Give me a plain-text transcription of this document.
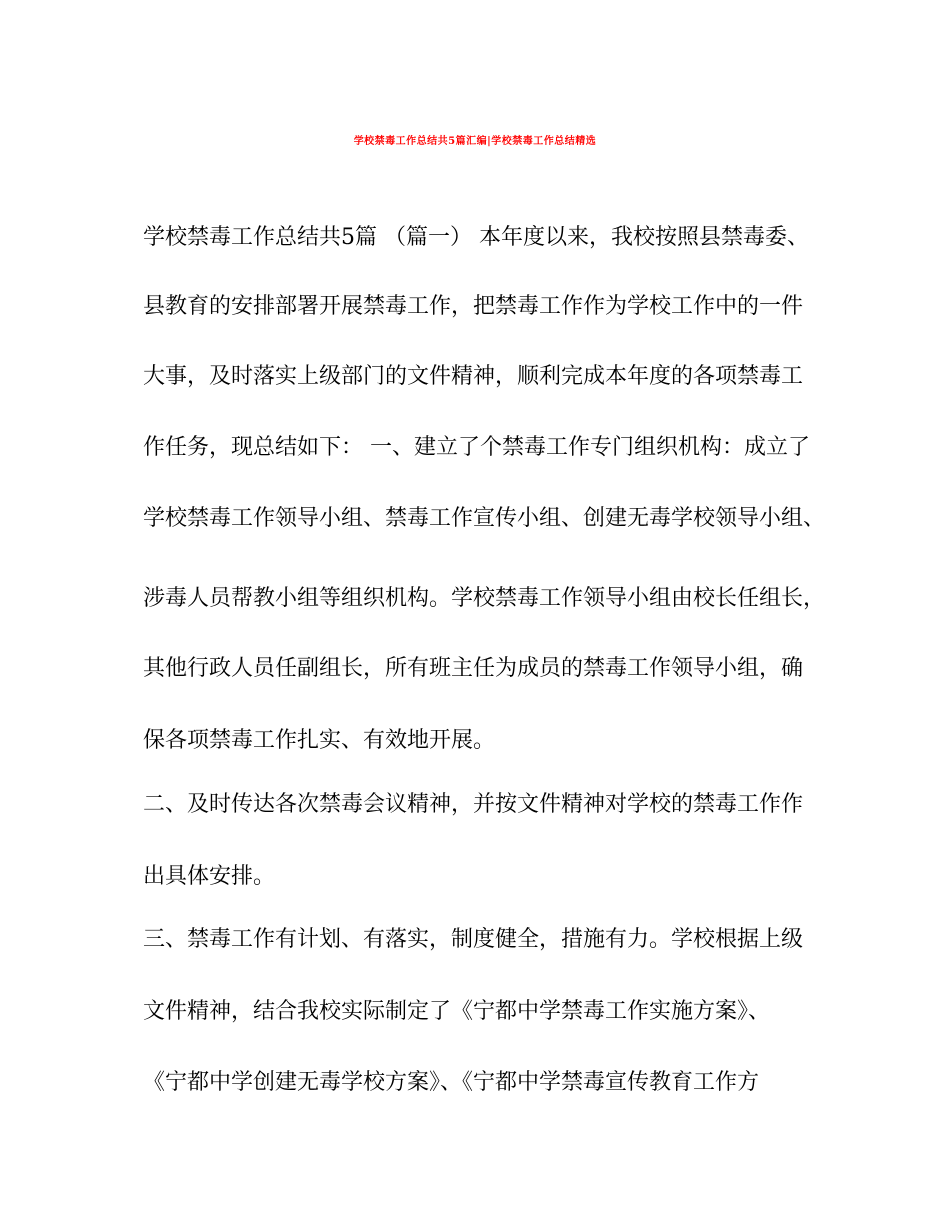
学校禁毒工作总结共5篇汇编|学校禁毒工作总结精选
学校禁毒工作总结共5篇 （篇一） 本年度以来，我校按照县禁毒委、
县教育的安排部署开展禁毒工作，把禁毒工作作为学校工作中的一件
大事，及时落实上级部门的文件精神，顺利完成本年度的各项禁毒工
作任务，现总结如下： 一、建立了个禁毒工作专门组织机构：成立了
学校禁毒工作领导小组、禁毒工作宣传小组、创建无毒学校领导小组、
涉毒人员帮教小组等组织机构。学校禁毒工作领导小组由校长任组长，
其他行政人员任副组长，所有班主任为成员的禁毒工作领导小组，确
保各项禁毒工作扎实、有效地开展。
二、及时传达各次禁毒会议精神，并按文件精神对学校的禁毒工作作
出具体安排。
三、禁毒工作有计划、有落实，制度健全，措施有力。学校根据上级
文件精神，结合我校实际制定了《宁都中学禁毒工作实施方案》、
《宁都中学创建无毒学校方案》、《宁都中学禁毒宣传教育工作方
